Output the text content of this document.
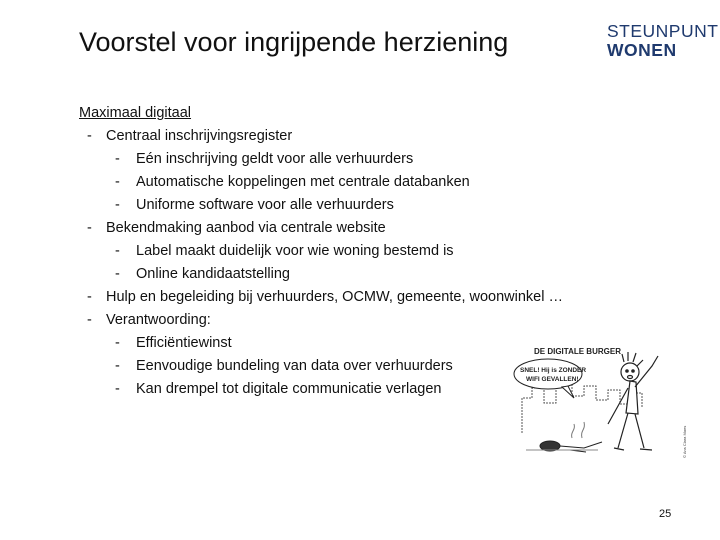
Voorstel voor ingrijpende herziening	STEUNPUNT
WONEN
Maximaal digitaal
- Centraal inschrijvingsregister
- Eén inschrijving geldt voor alle verhuurders
- Automatische koppelingen met centrale databanken
- Uniforme software voor alle verhuurders
- Bekendmaking aanbod via centrale website
- Label maakt duidelijk voor wie woning bestemd is
- Online kandidaatstelling
- Hulp en begeleiding bij verhuurders, OCMW, gemeente, woonwinkel …
- Verantwoording:
- Efficiëntiewinst
- Eenvoudige bundeling van data over verhuurders
- Kan drempel tot digitale communicatie verlagen
DE DIGITALE BURGER
SNEL! Hij is ZONDER
WIFI GEVALLEN!
© Ans Clara Maes
25
